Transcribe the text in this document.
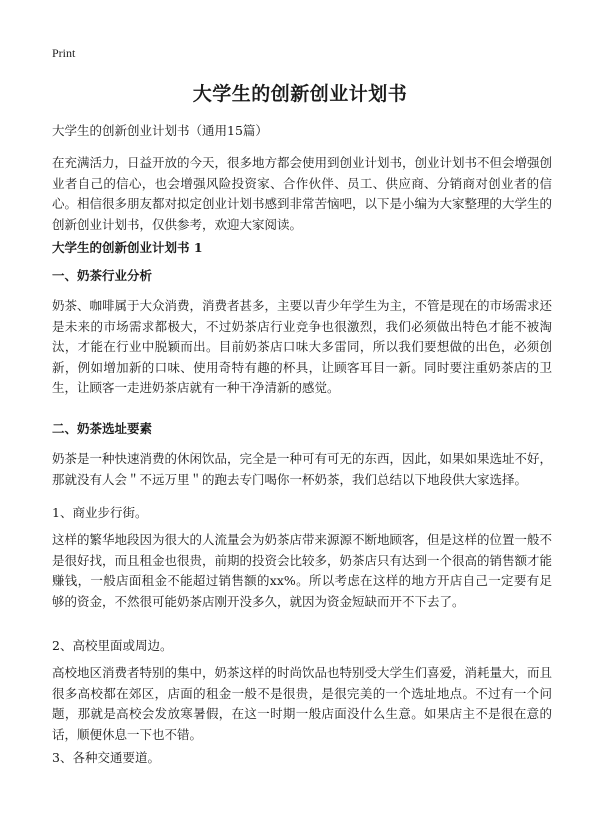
Print
大学生的创新创业计划书

大学生的创新创业计划书（通用15篇）

在充满活力，日益开放的今天，很多地方都会使用到创业计划书，创业计划书不但会增强创业者自己的信心，也会增强风险投资家、合作伙伴、员工、供应商、分销商对创业者的信心。相信很多朋友都对拟定创业计划书感到非常苦恼吧，以下是小编为大家整理的大学生的创新创业计划书，仅供参考，欢迎大家阅读。

大学生的创新创业计划书 1
一、奶茶行业分析

奶茶、咖啡属于大众消费，消费者甚多，主要以青少年学生为主，不管是现在的市场需求还是未来的市场需求都极大，不过奶茶店行业竞争也很激烈，我们必须做出特色才能不被淘汰，才能在行业中脱颖而出。目前奶茶店口味大多雷同，所以我们要想做的出色，必须创新，例如增加新的口味、使用奇特有趣的杯具，让顾客耳目一新。同时要注重奶茶店的卫生，让顾客一走进奶茶店就有一种干净清新的感觉。

二、奶茶选址要素

奶茶是一种快速消费的休闲饮品，完全是一种可有可无的东西，因此，如果如果选址不好，那就没有人会＂不远万里＂的跑去专门喝你一杯奶茶，我们总结以下地段供大家选择。

1、商业步行街。

这样的繁华地段因为很大的人流量会为奶茶店带来源源不断地顾客，但是这样的位置一般不是很好找，而且租金也很贵，前期的投资会比较多，奶茶店只有达到一个很高的销售额才能赚钱，一般店面租金不能超过销售额的xx%。所以考虑在这样的地方开店自己一定要有足够的资金，不然很可能奶茶店刚开没多久，就因为资金短缺而开不下去了。

2、高校里面或周边。

高校地区消费者特别的集中，奶茶这样的时尚饮品也特别受大学生们喜爱，消耗量大，而且很多高校都在郊区，店面的租金一般不是很贵，是很完美的一个选址地点。不过有一个问题，那就是高校会发放寒暑假，在这一时期一般店面没什么生意。如果店主不是很在意的话，顺便休息一下也不错。

3、各种交通要道。
